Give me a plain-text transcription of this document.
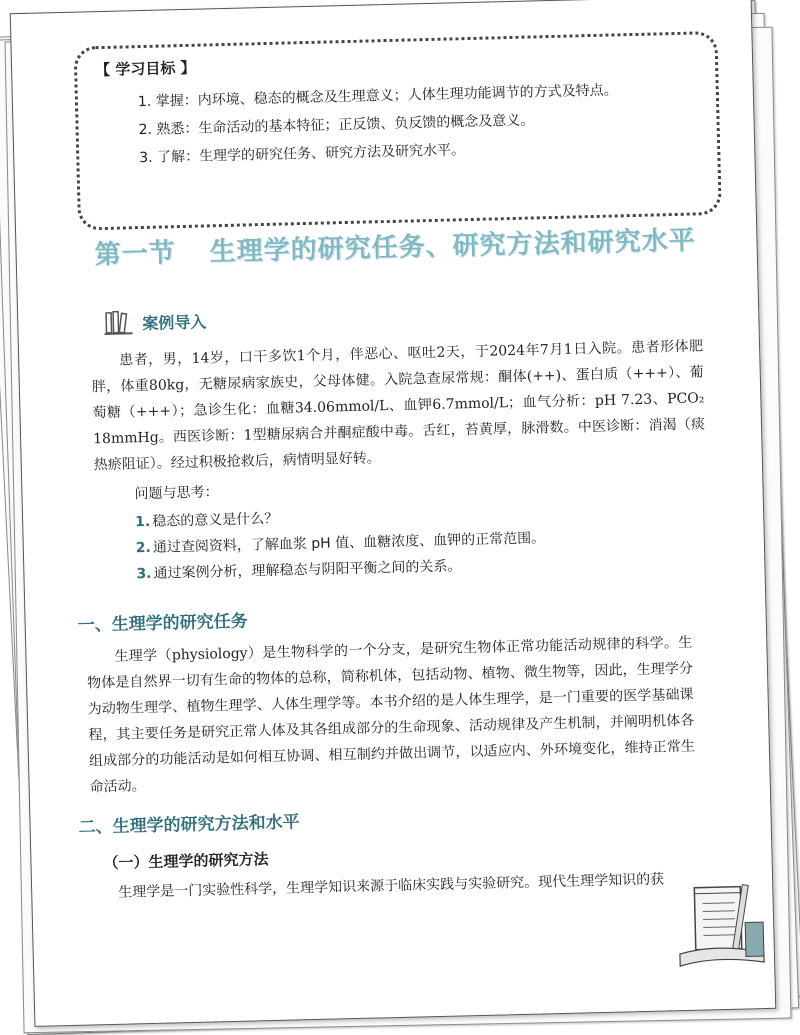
【 学习目标 】
1. 掌握：内环境、稳态的概念及生理意义；人体生理功能调节的方式及特点。
2. 熟悉：生命活动的基本特征；正反馈、负反馈的概念及意义。
3. 了解：生理学的研究任务、研究方法及研究水平。
第一节 生理学的研究任务、研究方法和研究水平
案例导入

患者，男，14岁，口干多饮1个月，伴恶心、呕吐2天，于2024年7月1日入院。患者形体肥胖，体重80kg，无糖尿病家族史，父母体健。入院急查尿常规：酮体(++)、蛋白质（+++）、葡萄糖（+++）；急诊生化：血糖34.06mmol/L、血钾6.7mmol/L；血气分析：pH 7.23、PCO₂ 18mmHg。西医诊断：1型糖尿病合并酮症酸中毒。舌红，苔黄厚，脉滑数。中医诊断：消渴（痰热瘀阻证）。经过积极抢救后，病情明显好转。

问题与思考：
1. 稳态的意义是什么？
2. 通过查阅资料，了解血浆 pH 值、血糖浓度、血钾的正常范围。
3. 通过案例分析，理解稳态与阴阳平衡之间的关系。
一、生理学的研究任务

生理学（physiology）是生物科学的一个分支，是研究生物体正常功能活动规律的科学。生物体是自然界一切有生命的物体的总称，简称机体，包括动物、植物、微生物等，因此，生理学分为动物生理学、植物生理学、人体生理学等。本书介绍的是人体生理学，是一门重要的医学基础课程，其主要任务是研究正常人体及其各组成部分的生命现象、活动规律及产生机制，并阐明机体各组成部分的功能活动是如何相互协调、相互制约并做出调节，以适应内、外环境变化，维持正常生命活动。

二、生理学的研究方法和水平
（一）生理学的研究方法

生理学是一门实验性科学，生理学知识来源于临床实践与实验研究。现代生理学知识的获
